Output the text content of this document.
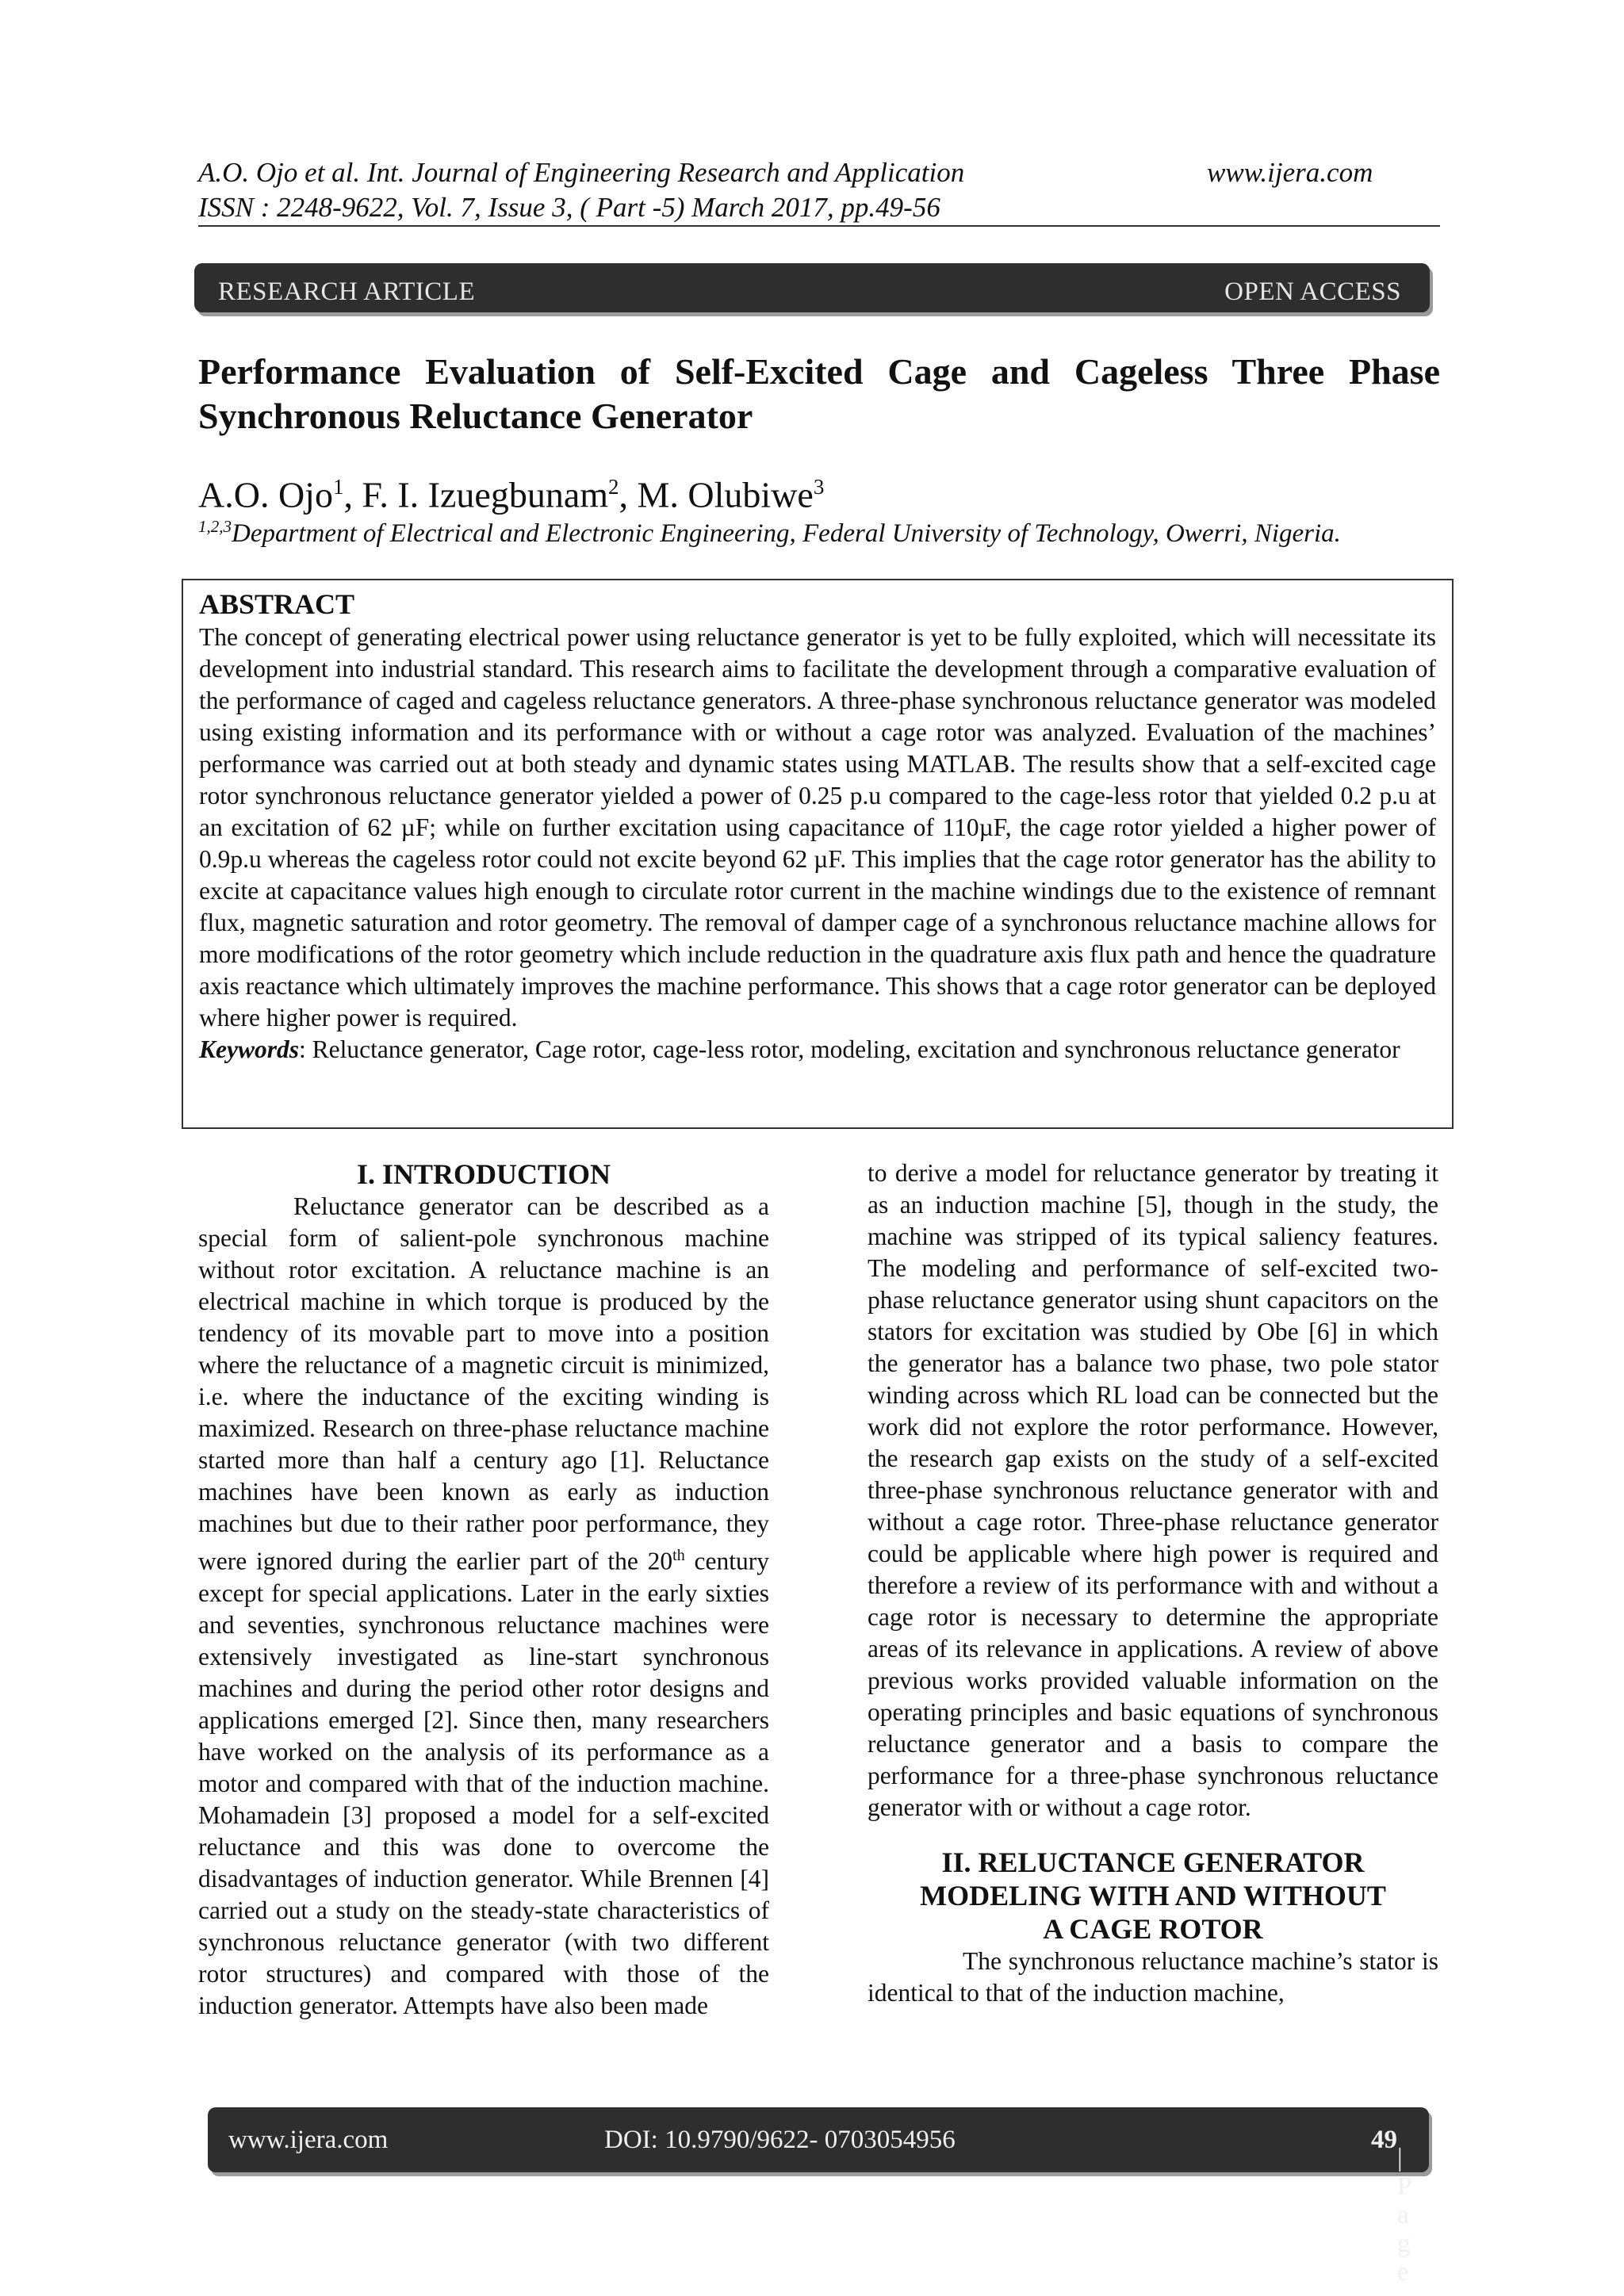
A.O. Ojo et al. Int. Journal of Engineering Research and Application	www.ijera.com
ISSN : 2248-9622, Vol. 7, Issue 3, ( Part -5) March 2017, pp.49-56
RESEARCH ARTICLE	OPEN ACCESS
Performance Evaluation of Self-Excited Cage and Cageless Three Phase Synchronous Reluctance Generator
A.O. Ojo$^1$, F. I. Izuegbunam$^2$, M. Olubiwe$^3$
$^{1,2,3}$Department of Electrical and Electronic Engineering, Federal University of Technology, Owerri, Nigeria.

ABSTRACT

The concept of generating electrical power using reluctance generator is yet to be fully exploited, which will necessitate its development into industrial standard. This research aims to facilitate the development through a comparative evaluation of the performance of caged and cageless reluctance generators. A three-phase synchronous reluctance generator was modeled using existing information and its performance with or without a cage rotor was analyzed. Evaluation of the machines’ performance was carried out at both steady and dynamic states using MATLAB. The results show that a self-excited cage rotor synchronous reluctance generator yielded a power of 0.25 p.u compared to the cage-less rotor that yielded 0.2 p.u at an excitation of 62 µF; while on further excitation using capacitance of 110µF, the cage rotor yielded a higher power of 0.9p.u whereas the cageless rotor could not excite beyond 62 µF. This implies that the cage rotor generator has the ability to excite at capacitance values high enough to circulate rotor current in the machine windings due to the existence of remnant flux, magnetic saturation and rotor geometry. The removal of damper cage of a synchronous reluctance machine allows for more modifications of the rotor geometry which include reduction in the quadrature axis flux path and hence the quadrature axis reactance which ultimately improves the machine performance. This shows that a cage rotor generator can be deployed where higher power is required.

Keywords: Reluctance generator, Cage rotor, cage-less rotor, modeling, excitation and synchronous reluctance generator

I. INTRODUCTION

Reluctance generator can be described as a special form of salient-pole synchronous machine without rotor excitation. A reluctance machine is an electrical machine in which torque is produced by the tendency of its movable part to move into a position where the reluctance of a magnetic circuit is minimized, i.e. where the inductance of the exciting winding is maximized. Research on three-phase reluctance machine started more than half a century ago [1]. Reluctance machines have been known as early as induction machines but due to their rather poor performance, they were ignored during the earlier part of the 20th century except for special applications. Later in the early sixties and seventies, synchronous reluctance machines were extensively investigated as line-start synchronous machines and during the period other rotor designs and applications emerged [2]. Since then, many researchers have worked on the analysis of its performance as a motor and compared with that of the induction machine. Mohamadein [3] proposed a model for a self-excited reluctance and this was done to overcome the disadvantages of induction generator. While Brennen [4] carried out a study on the steady-state characteristics of synchronous reluctance generator (with two different rotor structures) and compared with those of the induction generator. Attempts have also been made

to derive a model for reluctance generator by treating it as an induction machine [5], though in the study, the machine was stripped of its typical saliency features. The modeling and performance of self-excited two-phase reluctance generator using shunt capacitors on the stators for excitation was studied by Obe [6] in which the generator has a balance two phase, two pole stator winding across which RL load can be connected but the work did not explore the rotor performance. However, the research gap exists on the study of a self-excited three-phase synchronous reluctance generator with and without a cage rotor. Three-phase reluctance generator could be applicable where high power is required and therefore a review of its performance with and without a cage rotor is necessary to determine the appropriate areas of its relevance in applications. A review of above previous works provided valuable information on the operating principles and basic equations of synchronous reluctance generator and a basis to compare the performance for a three-phase synchronous reluctance generator with or without a cage rotor.

II. RELUCTANCE GENERATOR
MODELING WITH AND WITHOUT
A CAGE ROTOR

The synchronous reluctance machine’s stator is identical to that of the induction machine,

www.ijera.com	DOI: 10.9790/9622- 0703054956	49
| P a g e
